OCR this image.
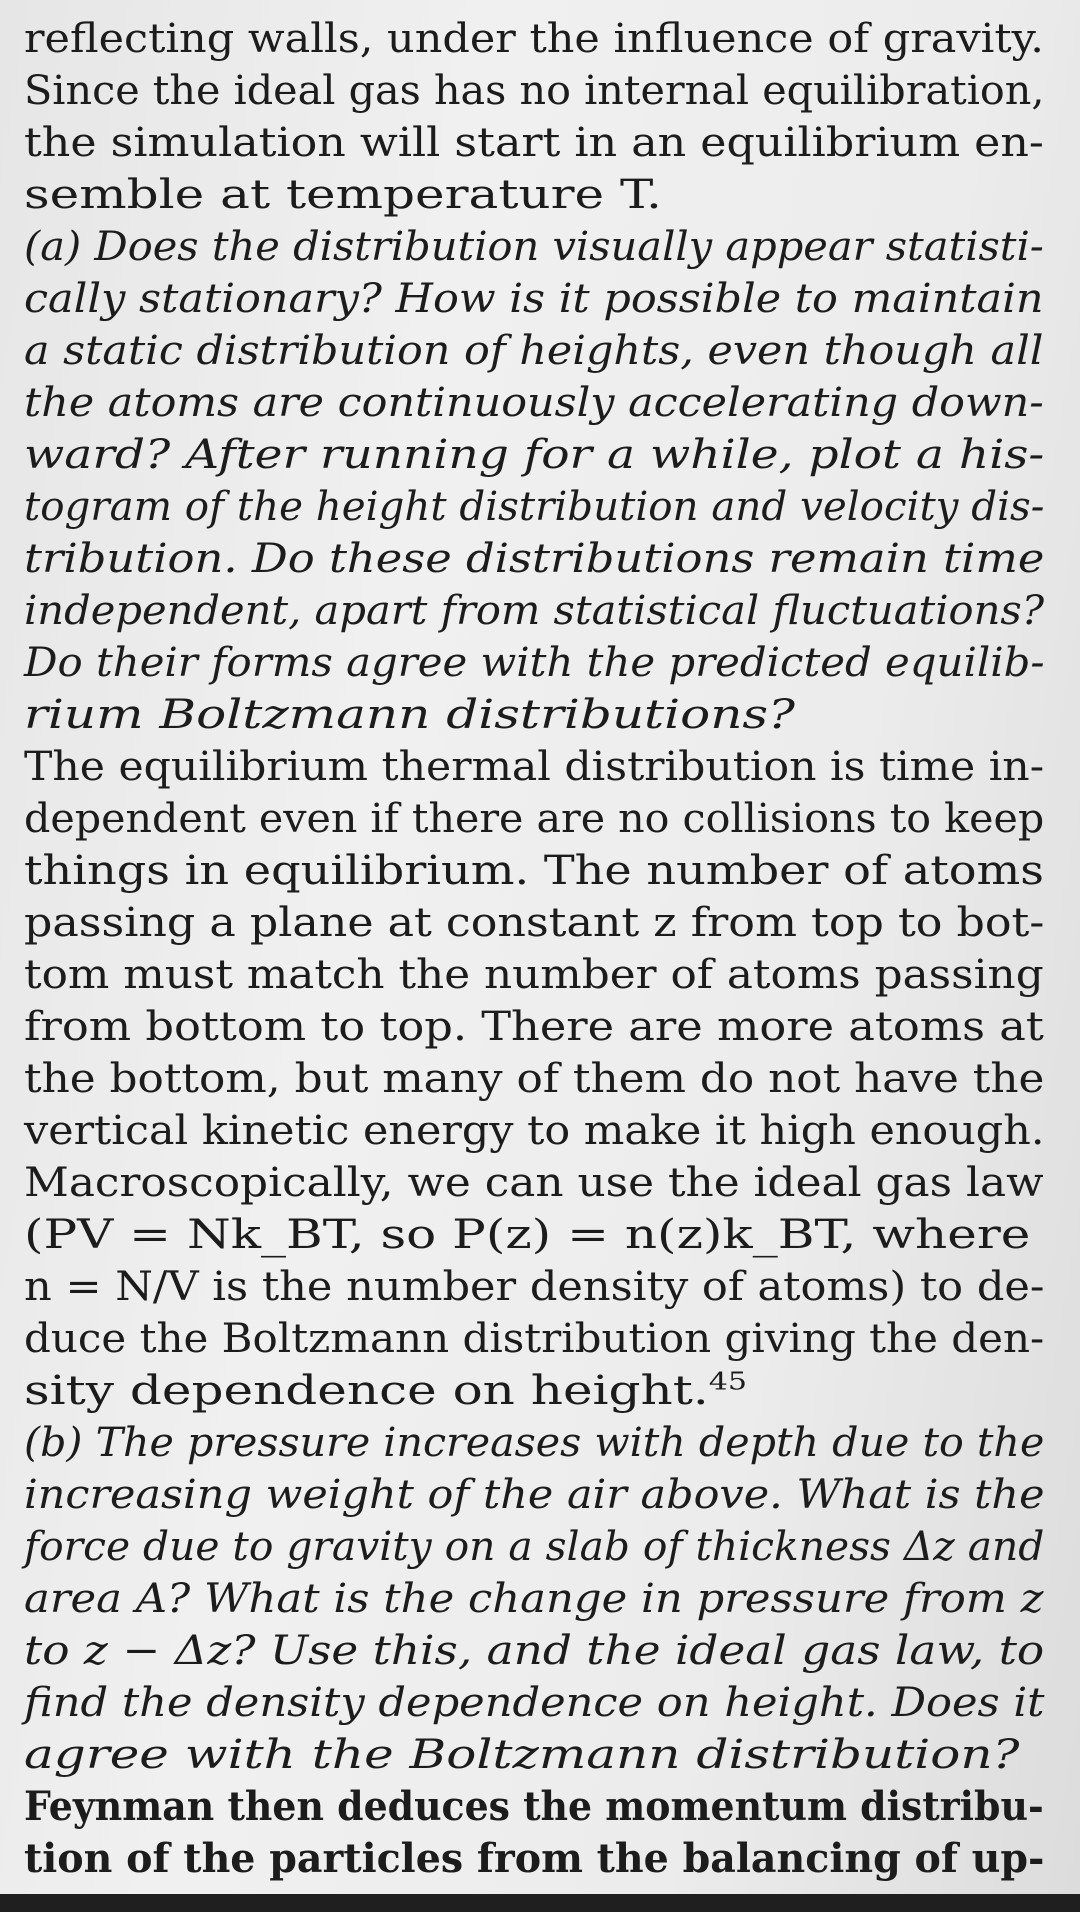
reflecting walls, under the influence of gravity.
Since the ideal gas has no internal equilibration,
the simulation will start in an equilibrium en-
semble at temperature T.
(a) Does the distribution visually appear statisti-
cally stationary? How is it possible to maintain
a static distribution of heights, even though all
the atoms are continuously accelerating down-
ward? After running for a while, plot a his-
togram of the height distribution and velocity dis-
tribution. Do these distributions remain time
independent, apart from statistical fluctuations?
Do their forms agree with the predicted equilib-
rium Boltzmann distributions?
The equilibrium thermal distribution is time in-
dependent even if there are no collisions to keep
things in equilibrium. The number of atoms
passing a plane at constant z from top to bot-
tom must match the number of atoms passing
from bottom to top. There are more atoms at
the bottom, but many of them do not have the
vertical kinetic energy to make it high enough.
Macroscopically, we can use the ideal gas law
(PV = Nk_BT, so P(z) = n(z)k_BT, where
n = N/V is the number density of atoms) to de-
duce the Boltzmann distribution giving the den-
sity dependence on height.$^{45}$
(b) The pressure increases with depth due to the
increasing weight of the air above. What is the
force due to gravity on a slab of thickness Δz and
area A? What is the change in pressure from z
to z − Δz? Use this, and the ideal gas law, to
find the density dependence on height. Does it
agree with the Boltzmann distribution?
Feynman then deduces the momentum distribu-
tion of the particles from the balancing of up-
